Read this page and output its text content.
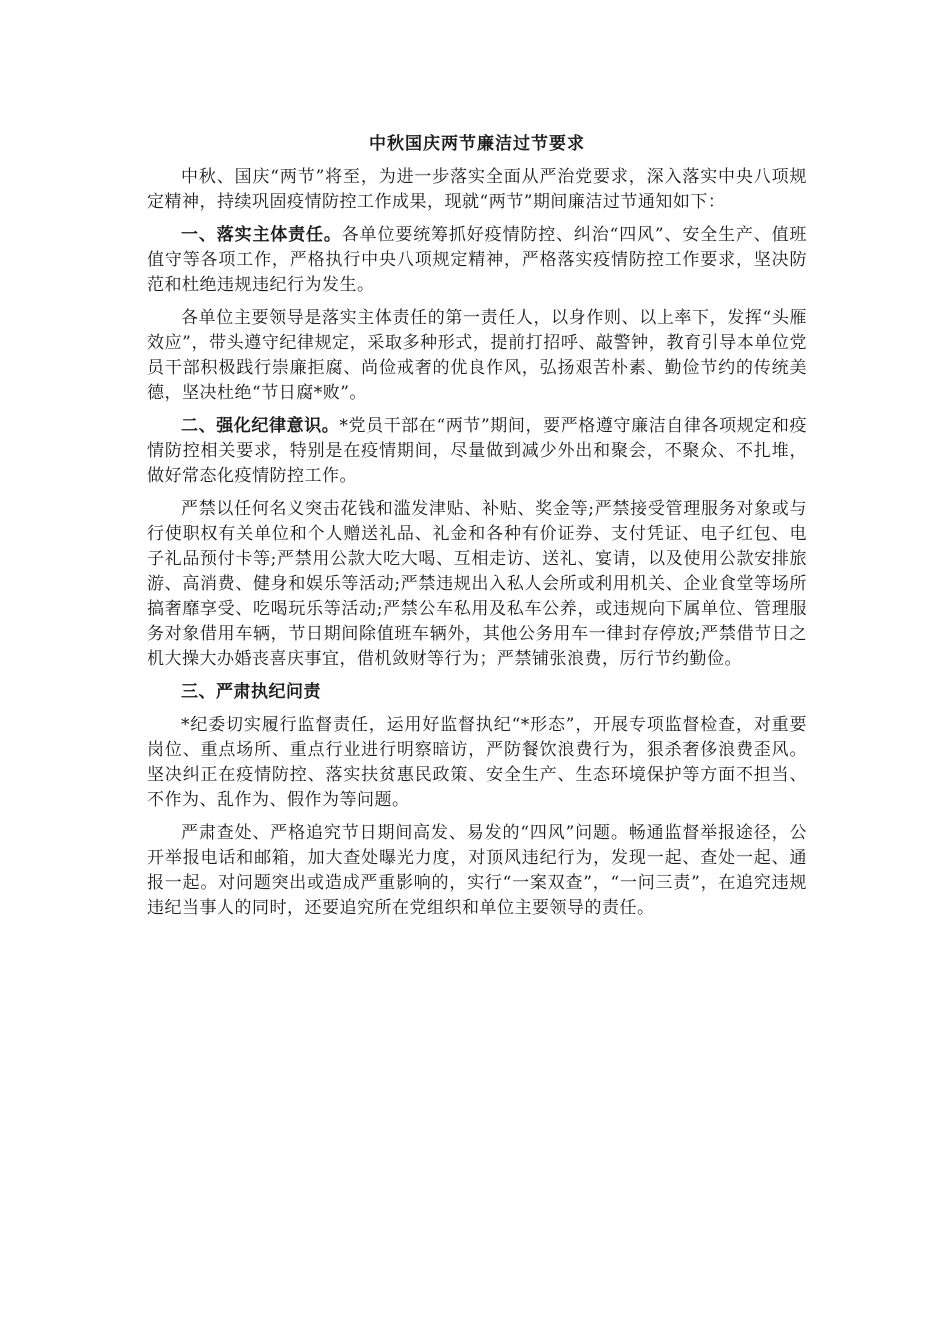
中秋国庆两节廉洁过节要求

中秋、国庆“两节”将至，为进一步落实全面从严治党要求，深入落实中央八项规定精神，持续巩固疫情防控工作成果，现就“两节”期间廉洁过节通知如下：

一、落实主体责任。各单位要统筹抓好疫情防控、纠治“四风”、安全生产、值班值守等各项工作，严格执行中央八项规定精神，严格落实疫情防控工作要求，坚决防范和杜绝违规违纪行为发生。

各单位主要领导是落实主体责任的第一责任人，以身作则、以上率下，发挥“头雁效应”，带头遵守纪律规定，采取多种形式，提前打招呼、敲警钟，教育引导本单位党员干部积极践行崇廉拒腐、尚俭戒奢的优良作风，弘扬艰苦朴素、勤俭节约的传统美德，坚决杜绝“节日腐*败”。

二、强化纪律意识。*党员干部在“两节”期间，要严格遵守廉洁自律各项规定和疫情防控相关要求，特别是在疫情期间，尽量做到减少外出和聚会，不聚众、不扎堆，做好常态化疫情防控工作。

严禁以任何名义突击花钱和滥发津贴、补贴、奖金等;严禁接受管理服务对象或与行使职权有关单位和个人赠送礼品、礼金和各种有价证券、支付凭证、电子红包、电子礼品预付卡等;严禁用公款大吃大喝、互相走访、送礼、宴请，以及使用公款安排旅游、高消费、健身和娱乐等活动;严禁违规出入私人会所或利用机关、企业食堂等场所搞奢靡享受、吃喝玩乐等活动;严禁公车私用及私车公养，或违规向下属单位、管理服务对象借用车辆，节日期间除值班车辆外，其他公务用车一律封存停放;严禁借节日之机大操大办婚丧喜庆事宜，借机敛财等行为；严禁铺张浪费，厉行节约勤俭。

三、严肃执纪问责

*纪委切实履行监督责任，运用好监督执纪“*形态”，开展专项监督检查，对重要岗位、重点场所、重点行业进行明察暗访，严防餐饮浪费行为，狠杀奢侈浪费歪风。坚决纠正在疫情防控、落实扶贫惠民政策、安全生产、生态环境保护等方面不担当、不作为、乱作为、假作为等问题。

严肃查处、严格追究节日期间高发、易发的“四风”问题。畅通监督举报途径，公开举报电话和邮箱，加大查处曝光力度，对顶风违纪行为，发现一起、查处一起、通报一起。对问题突出或造成严重影响的，实行“一案双查”，“一问三责”，在追究违规违纪当事人的同时，还要追究所在党组织和单位主要领导的责任。
